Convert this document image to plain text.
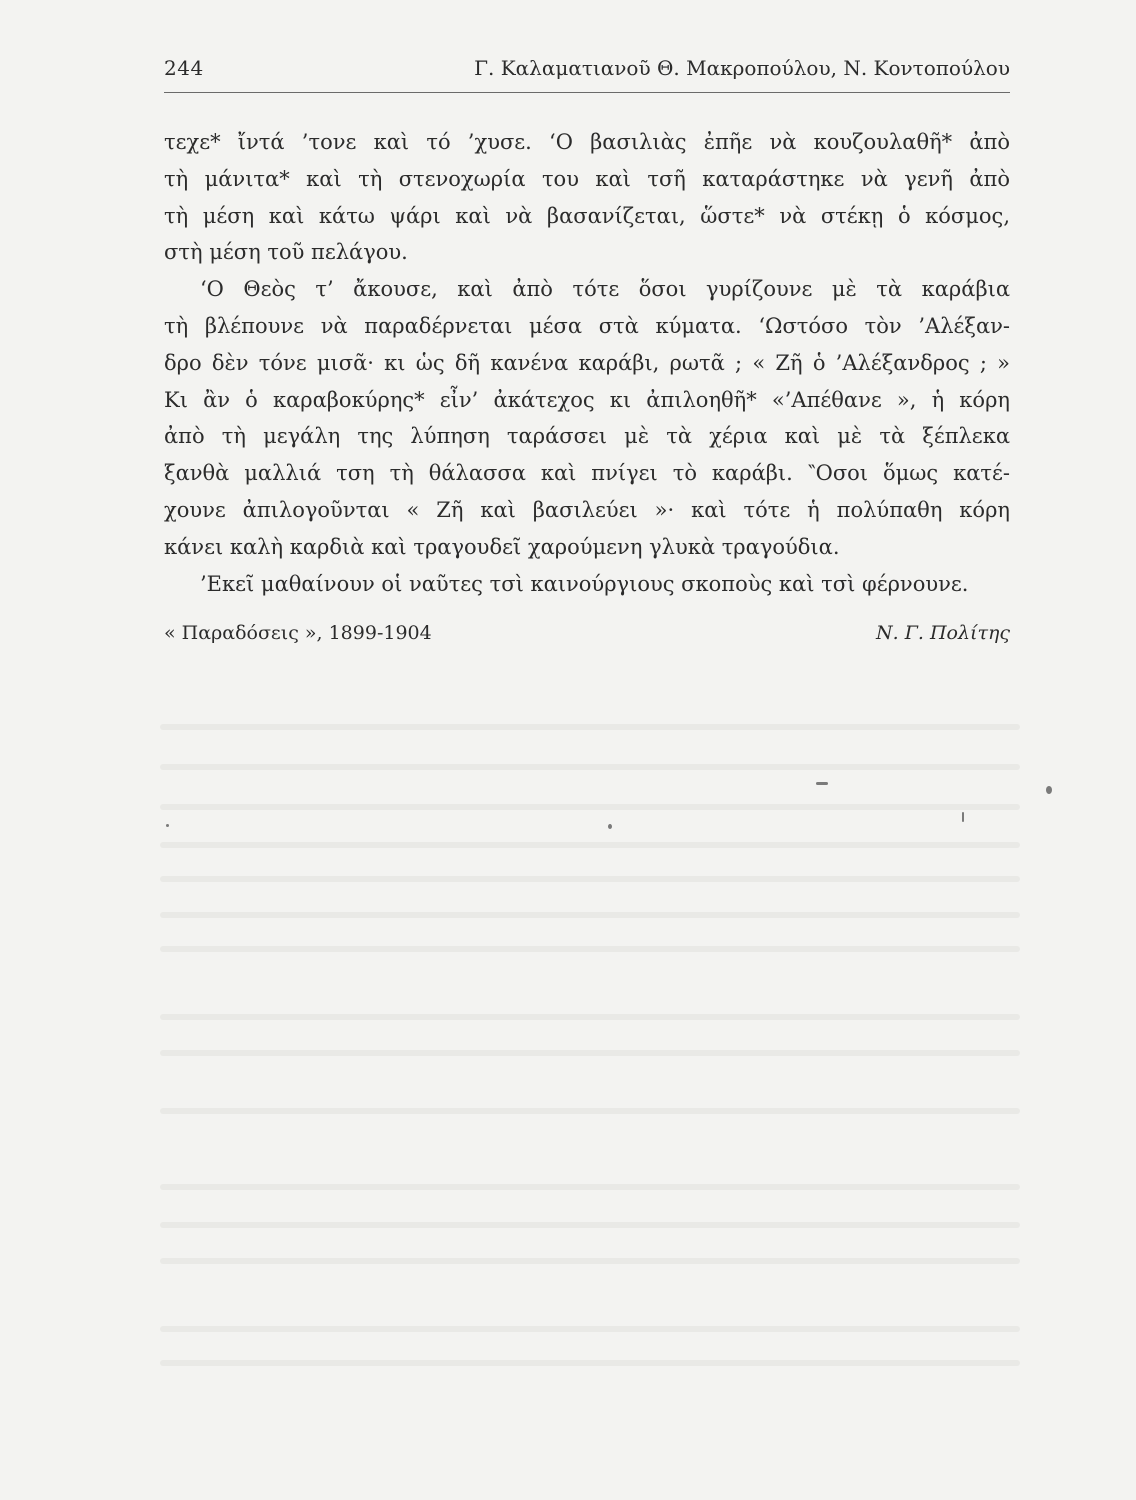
244	Γ. Καλαματιανοῦ Θ. Μακροπούλου, Ν. Κοντοπούλου
τεχε* ἴντά ’τονε καὶ τό ’χυσε. ‘Ο βασιλιὰς ἐπῆε νὰ κουζουλαθῆ* ἀπὸ
τὴ μάνιτα* καὶ τὴ στενοχωρία του καὶ τσῆ καταράστηκε νὰ γενῆ ἀπὸ
τὴ μέση καὶ κάτω ψάρι καὶ νὰ βασανίζεται, ὥστε* νὰ στέκῃ ὁ κόσμος,
στὴ μέση τοῦ πελάγου.
‘Ο Θεὸς τ’ ἄκουσε, καὶ ἀπὸ τότε ὅσοι γυρίζουνε μὲ τὰ καράβια
τὴ βλέπουνε νὰ παραδέρνεται μέσα στὰ κύματα. ‘Ωστόσο τὸν ’Αλέξαν-
δρο δὲν τόνε μισᾶ· κι ὡς δῆ κανένα καράβι, ρωτᾶ ; « Ζῆ ὁ ’Αλέξανδρος ; »
Κι ἂν ὁ καραβοκύρης* εἶν’ ἀκάτεχος κι ἀπιλοηθῆ* «’Απέθανε », ἡ κόρη
ἀπὸ τὴ μεγάλη της λύπηση ταράσσει μὲ τὰ χέρια καὶ μὲ τὰ ξέπλεκα
ξανθὰ μαλλιά τση τὴ θάλασσα καὶ πνίγει τὸ καράβι. ‶Οσοι ὅμως κατέ-
χουνε ἀπιλογοῦνται « Ζῆ καὶ βασιλεύει »· καὶ τότε ἡ πολύπαθη κόρη
κάνει καλὴ καρδιὰ καὶ τραγουδεῖ χαρούμενη γλυκὰ τραγούδια.
’Εκεῖ μαθαίνουν οἱ ναῦτες τσὶ καινούργιους σκοποὺς καὶ τσὶ φέρνουνε.
« Παραδόσεις », 1899-1904	Ν. Γ. Πολίτης
